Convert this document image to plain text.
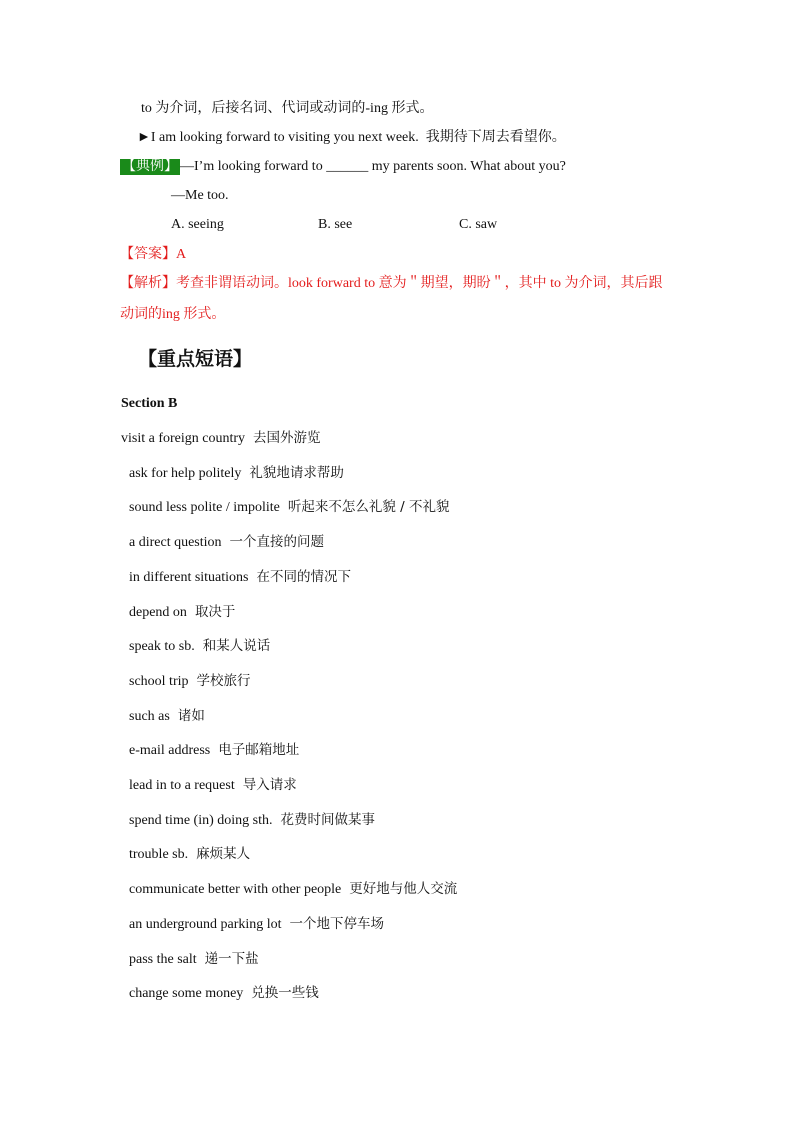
to 为介词，后接名词、代词或动词的-ing 形式。
►I am looking forward to visiting you next week. 我期待下周去看望你。
【典例】 —I’m looking forward to ______ my parents soon. What about you?
—Me too.
A. seeing	B. see	C. saw
【答案】A
【解析】考查非谓语动词。look forward to 意为＂期望，期盼＂，其中 to 为介词，其后跟
动词的ing 形式。
【重点短语】
Section B
visit a foreign country 去国外游览
ask for help politely 礼貌地请求帮助
sound less polite / impolite 听起来不怎么礼貌 / 不礼貌
a direct question 一个直接的问题
in different situations 在不同的情况下
depend on 取决于
speak to sb. 和某人说话
school trip 学校旅行
such as 诸如
e-mail address 电子邮箱地址
lead in to a request 导入请求
spend time (in) doing sth. 花费时间做某事
trouble sb. 麻烦某人
communicate better with other people 更好地与他人交流
an underground parking lot 一个地下停车场
pass the salt 递一下盐
change some money 兑换一些钱
